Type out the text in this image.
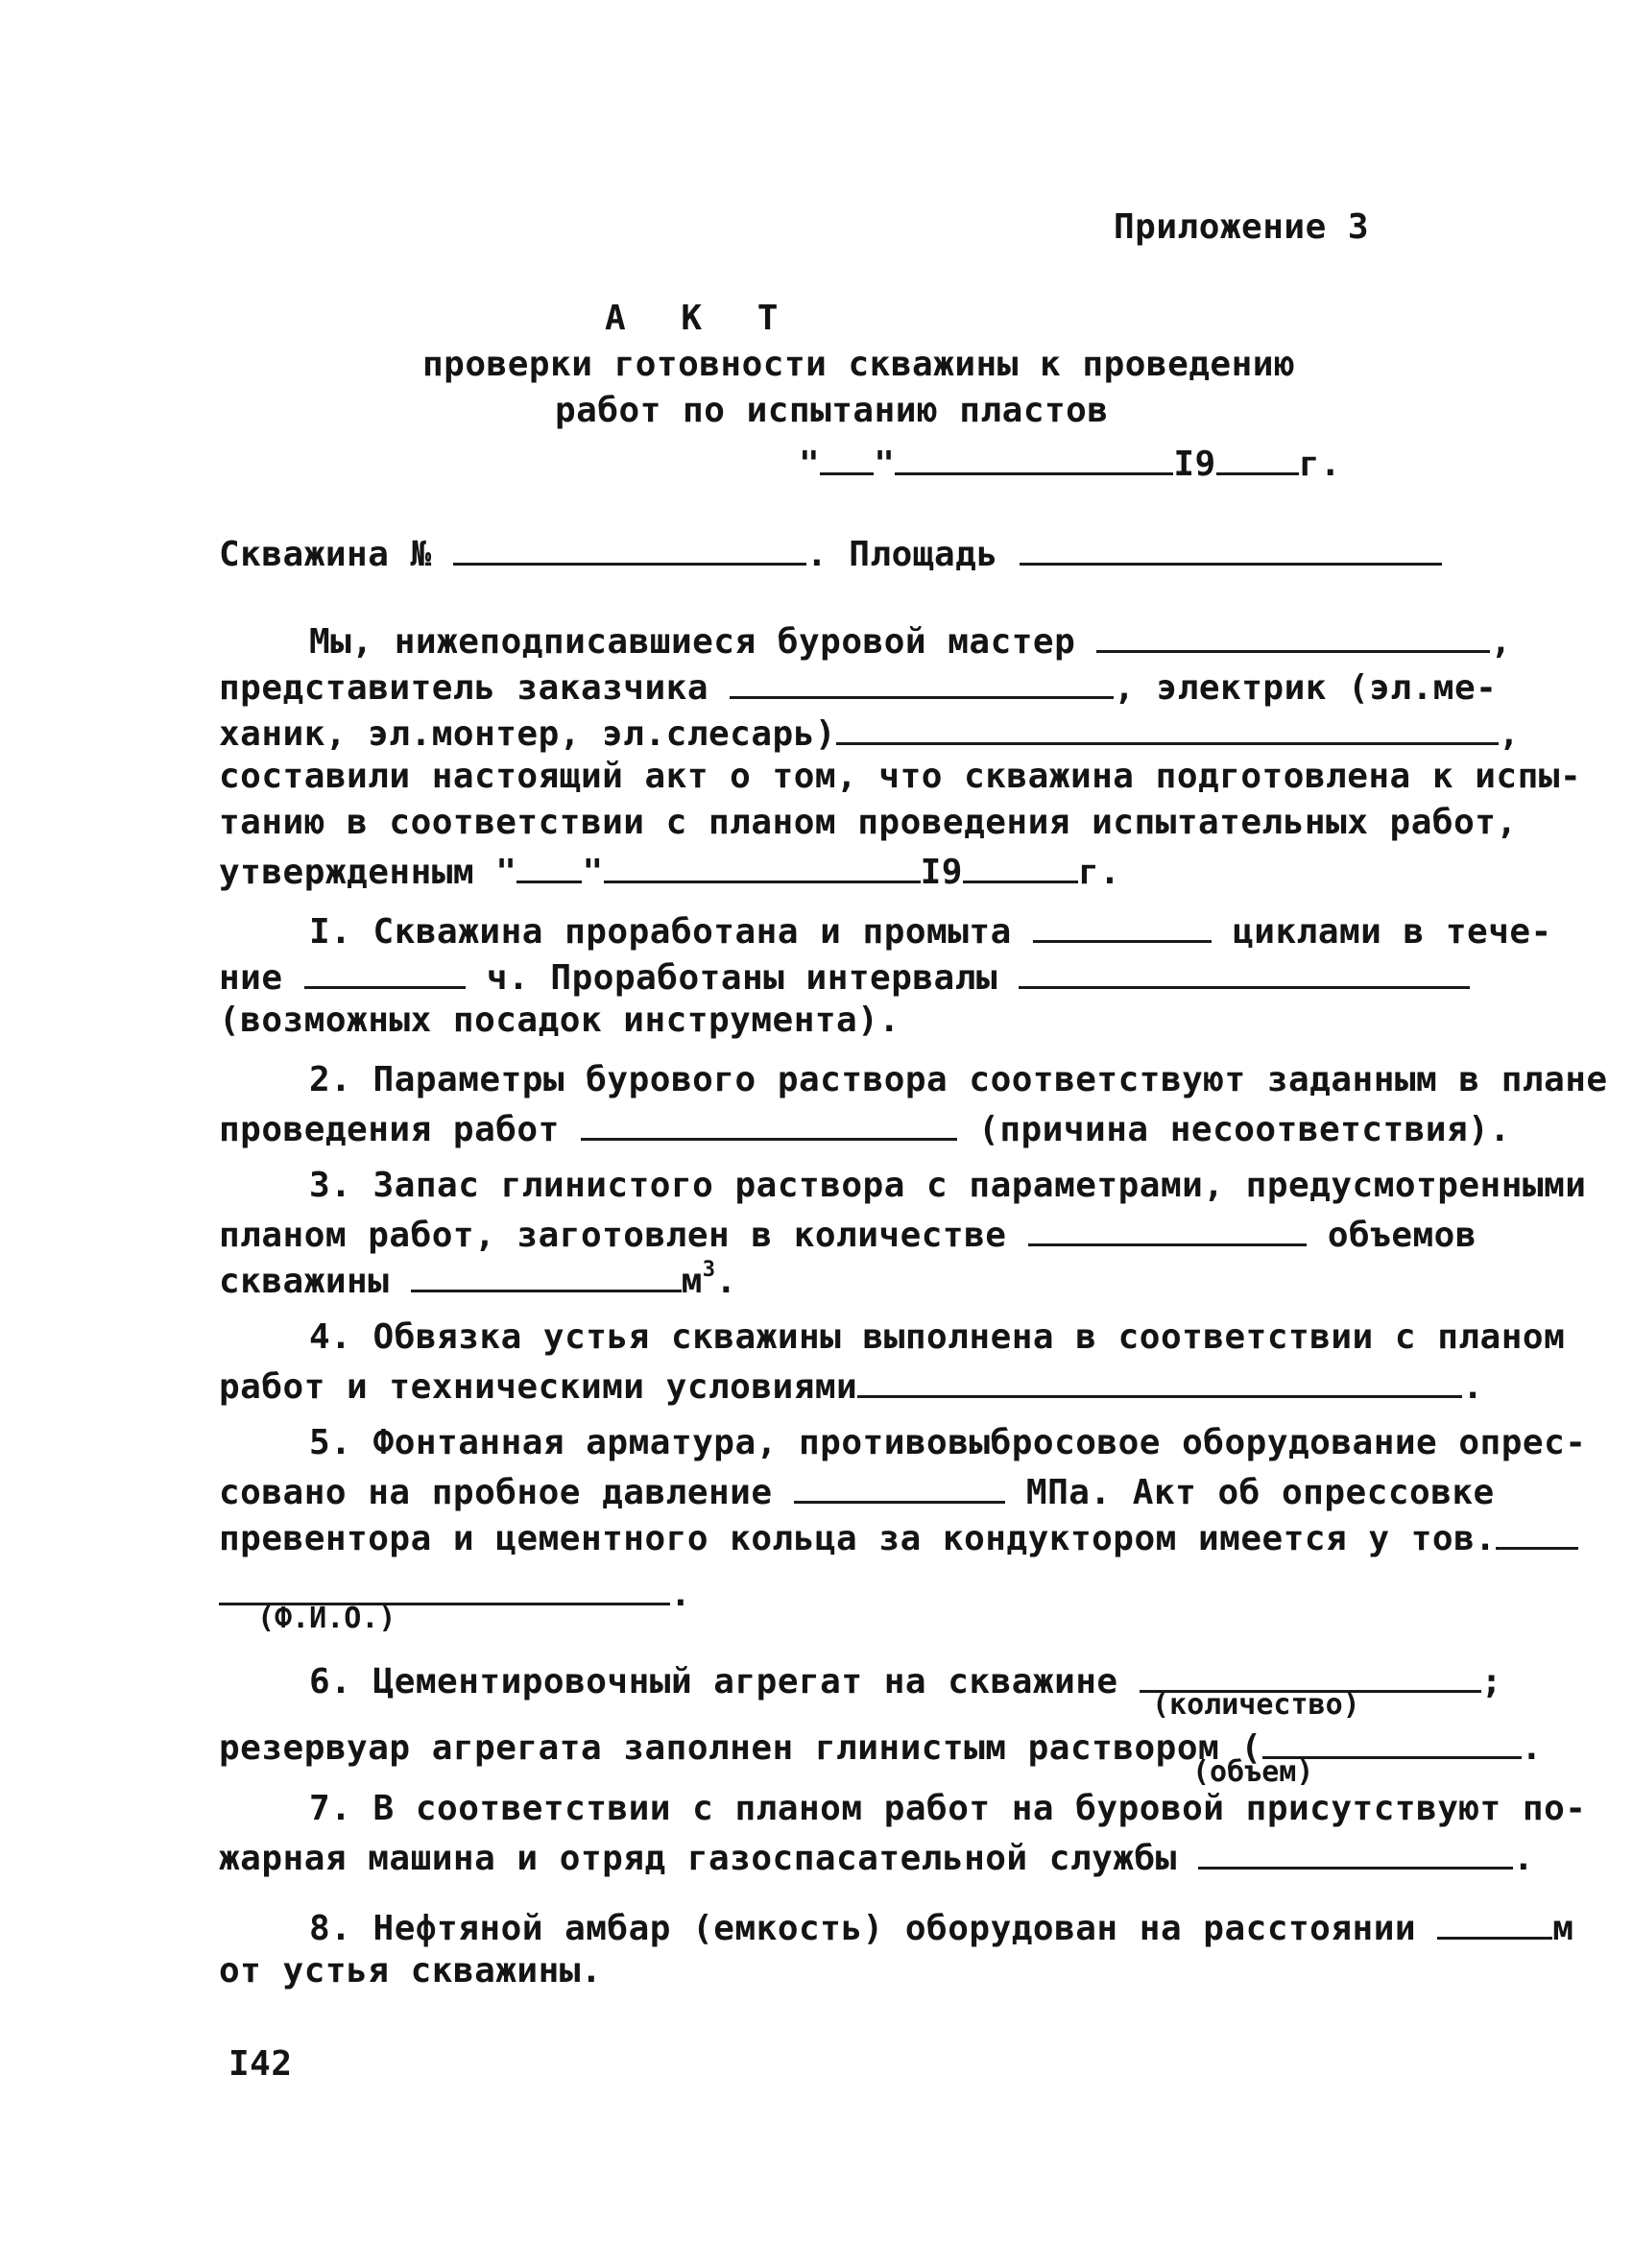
Приложение 3
А К Т
проверки готовности скважины к проведению
работ по испытанию пластов
" "	I9 г.
Скважина №	. Площадь
Мы, нижеподписавшиеся буровой мастер	,
представитель заказчика	, электрик (эл.ме-
ханик, эл.монтер, эл.слесарь)	,
составили настоящий акт о том, что скважина подготовлена к испы-
танию в соответствии с планом проведения испытательных работ,
утвержденным " "	I9	г.
I. Скважина проработана и промыта	циклами в тече-
ние	ч. Проработаны интервалы
(возможных посадок инструмента).
2. Параметры бурового раствора соответствуют заданным в плане
проведения работ	(причина несоответствия).
3. Запас глинистого раствора с параметрами, предусмотренными
планом работ, заготовлен в количестве	объемов
скважины	$м^3$.
4. Обвязка устья скважины выполнена в соответствии с планом
работ и техническими условиями	.
5. Фонтанная арматура, противовыбросовое оборудование опрес-
совано на пробное давление	МПа. Акт об опрессовке
превентора и цементного кольца за кондуктором имеется у тов.
.
(Ф.И.О.)
6. Цементировочный агрегат на скважине	;
(количество)
резервуар агрегата заполнен глинистым раствором (	.
(объем)
7. В соответствии с планом работ на буровой присутствуют по-
жарная машина и отряд газоспасательной службы	.
8. Нефтяной амбар (емкость) оборудован на расстоянии	м
от устья скважины.
I42
